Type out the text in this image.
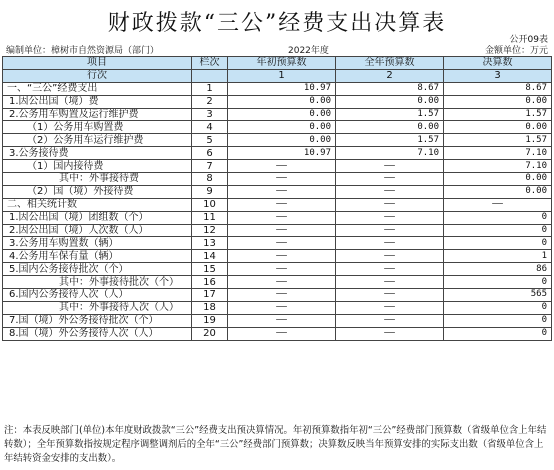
财政拨款“三公”经费支出决算表
公开09表
编制单位：樟树市自然资源局（部门）	2022年度	金额单位：万元
项目	栏次	年初预算数	全年预算数	决算数
行次		1	2	3
一、“三公”经费支出	1	10.97	8.67	8.67
1.因公出国（境）费	2	0.00	0.00	0.00
2.公务用车购置及运行维护费	3	0.00	1.57	1.57
（1）公务用车购置费	4	0.00	0.00	0.00
（2）公务用车运行维护费	5	0.00	1.57	1.57
3.公务接待费	6	10.97	7.10	7.10
（1）国内接待费	7	——	——	7.10
其中：外事接待费	8	——	——	0.00
（2）国（境）外接待费	9	——	——	0.00
二、相关统计数	10	——	——	——
1.因公出国（境）团组数（个）	11	——	——	0
2.因公出国（境）人次数（人）	12	——	——	0
3.公务用车购置数（辆）	13	——	——	0
4.公务用车保有量（辆）	14	——	——	1
5.国内公务接待批次（个）	15	——	——	86
其中：外事接待批次（个）	16	——	——	0
6.国内公务接待人次（人）	17	——	——	565
其中：外事接待人次（人）	18	——	——	0
7.国（境）外公务接待批次（个）	19	——	——	0
8.国（境）外公务接待人次（人）	20	——	——	0
注：本表反映部门(单位)本年度财政拨款“三公”经费支出预决算情况。年初预算数指年初“三公”经费部门预算数（省级单位含上年结转数）；全年预算数指按规定程序调整调剂后的全年“三公”经费部门预算数；决算数反映当年预算安排的实际支出数（省级单位含上年结转资金安排的支出数）。
